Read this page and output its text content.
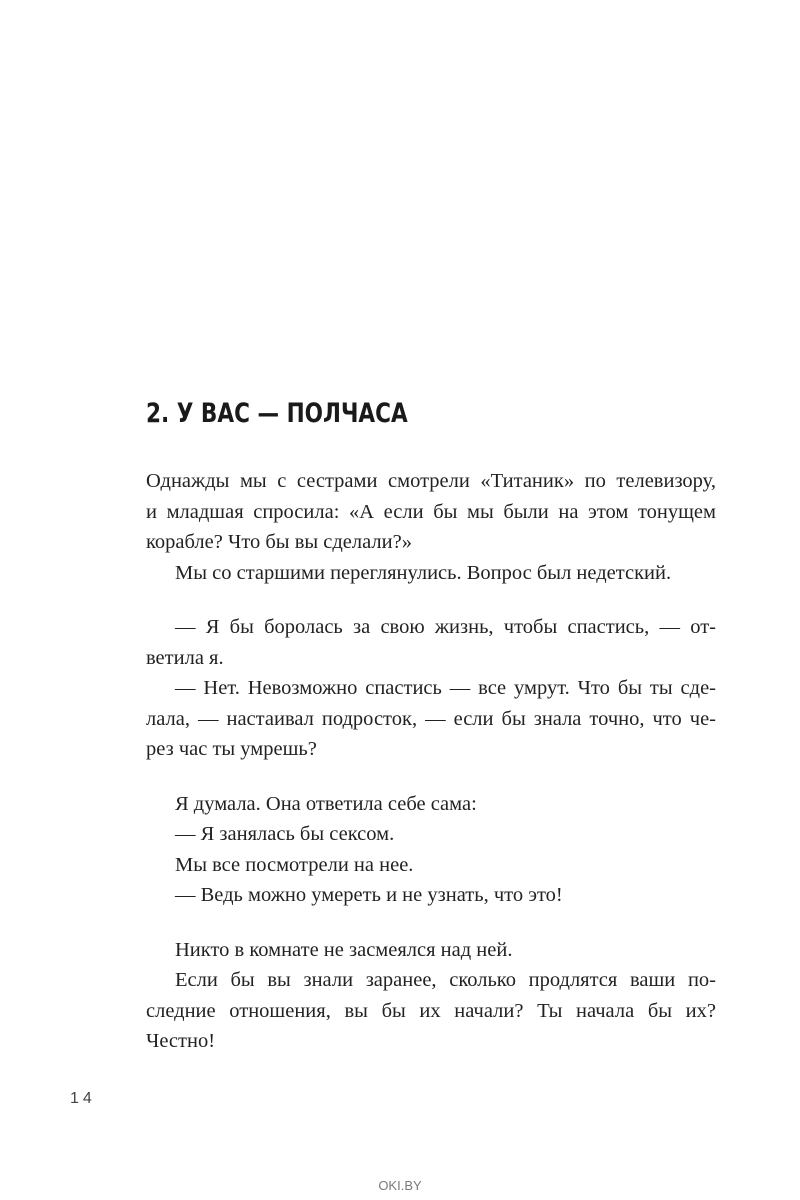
2. У ВАС — ПОЛЧАСА
Однажды мы с сестрами смотрели «Титаник» по телевизору,
и младшая спросила: «А если бы мы были на этом тонущем
корабле? Что бы вы сделали?»
Мы со старшими переглянулись. Вопрос был недетский.
— Я бы боролась за свою жизнь, чтобы спастись, — от-
ветила я.
— Нет. Невозможно спастись — все умрут. Что бы ты сде-
лала, — настаивал подросток, — если бы знала точно, что че-
рез час ты умрешь?
Я думала. Она ответила себе сама:
— Я занялась бы сексом.
Мы все посмотрели на нее.
— Ведь можно умереть и не узнать, что это!
Никто в комнате не засмеялся над ней.
Если бы вы знали заранее, сколько продлятся ваши по-
следние отношения, вы бы их начали? Ты начала бы их?
Честно!
14
OKI.BY
